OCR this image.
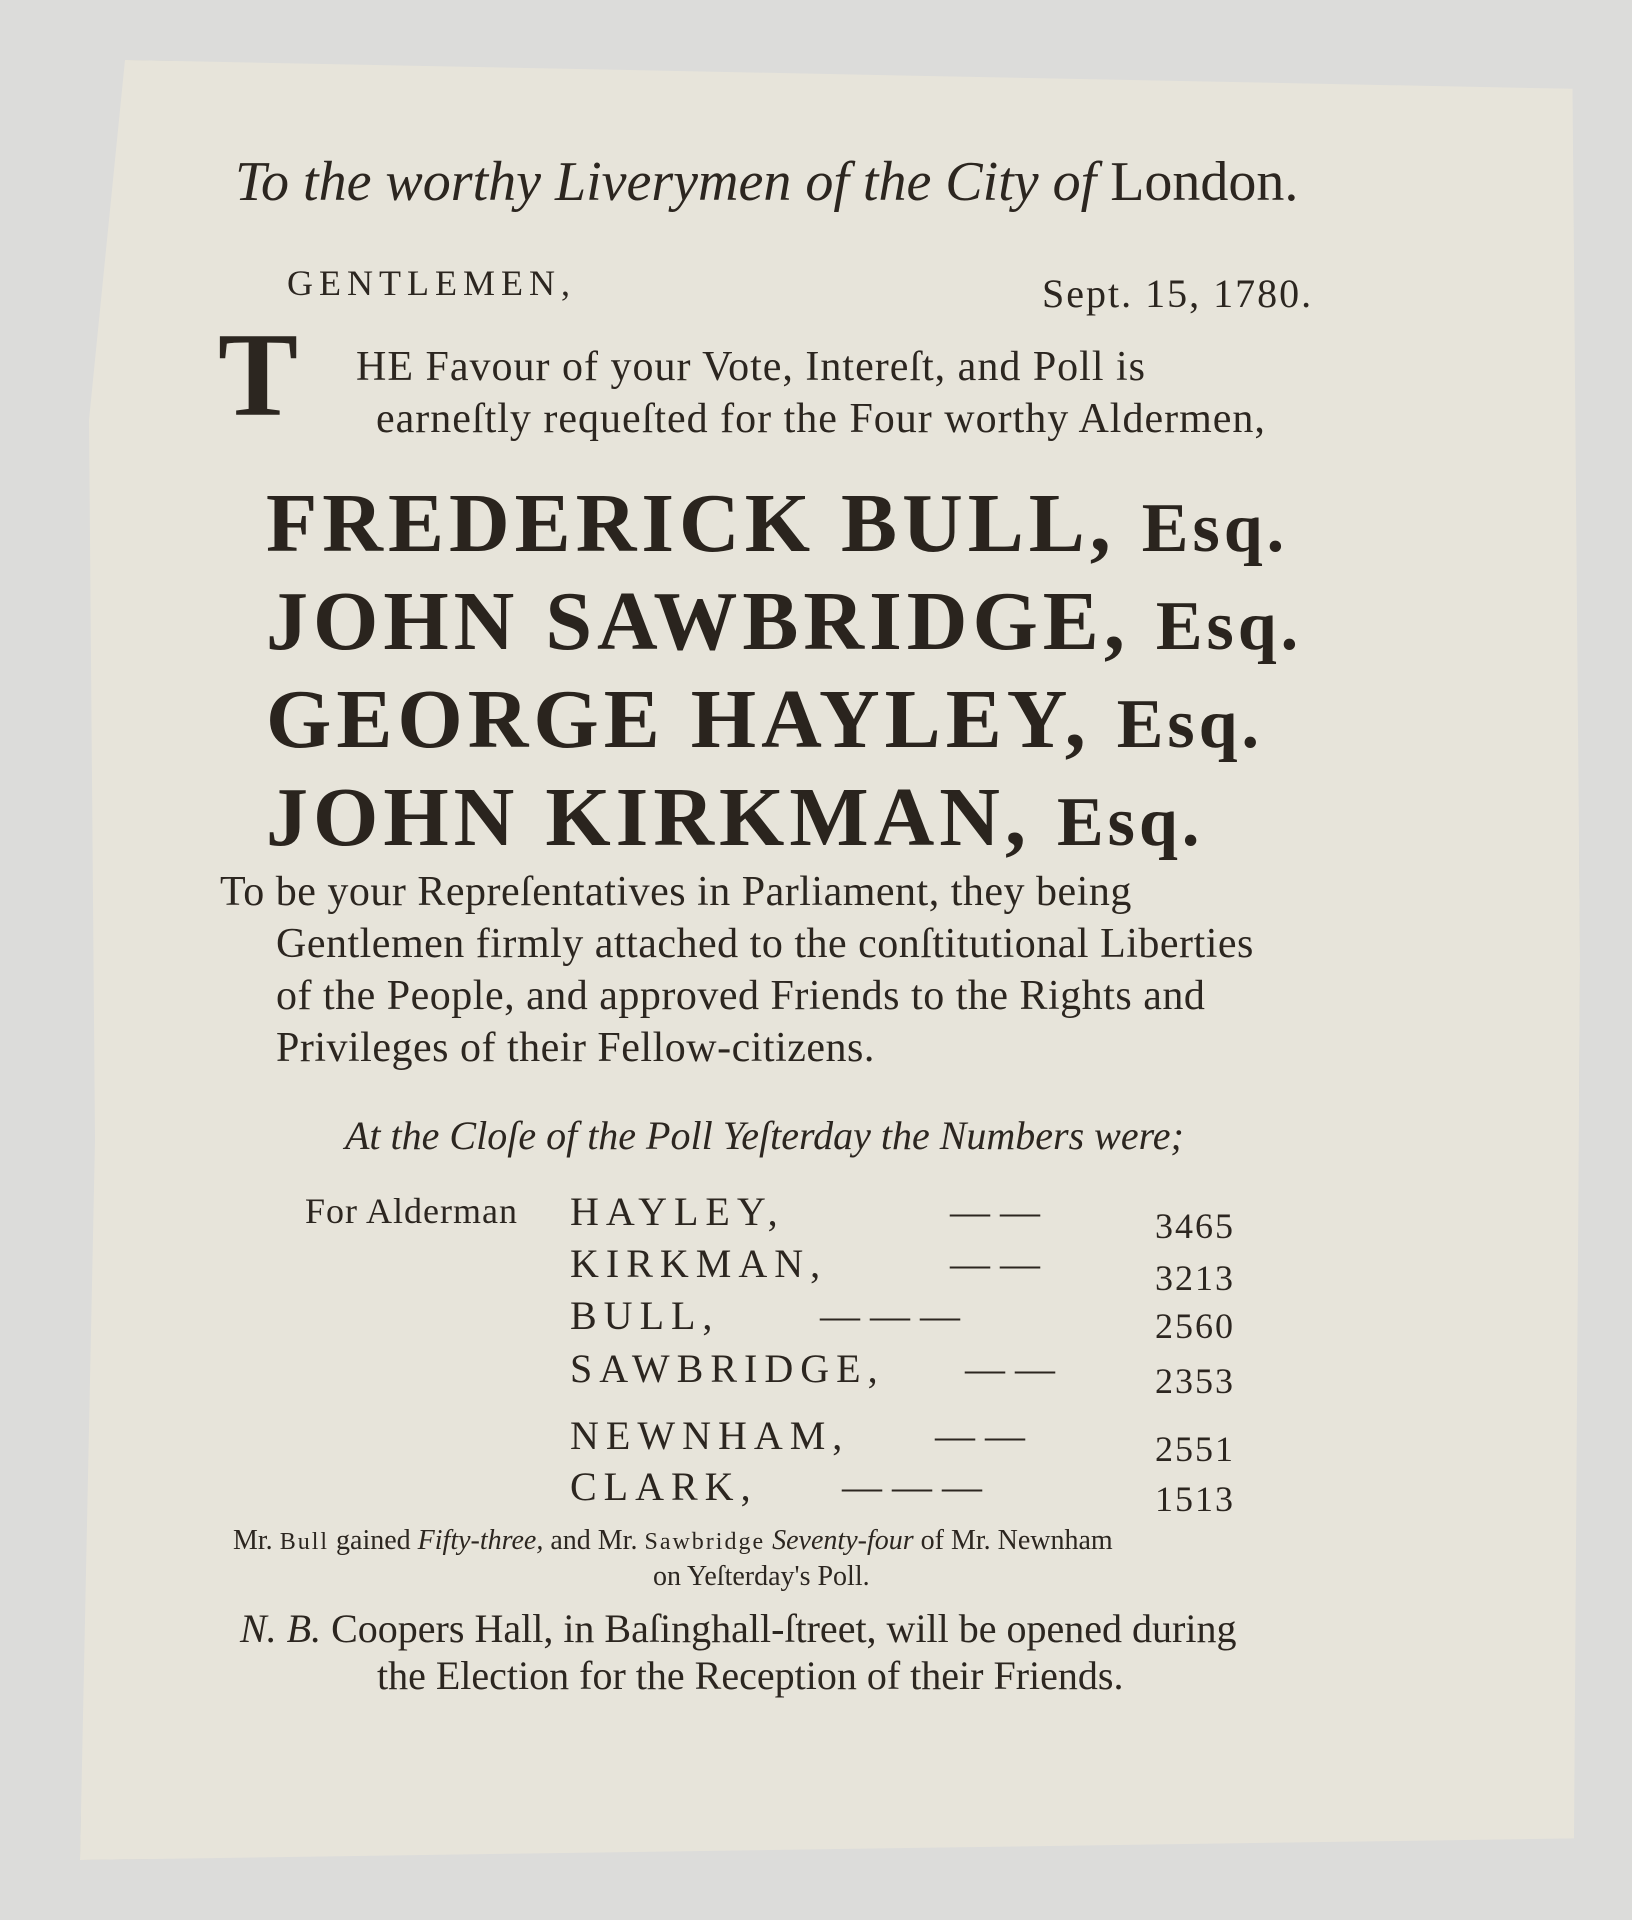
To the worthy Liverymen of the City of London.
GENTLEMEN,	Sept. 15, 1780.
T HE Favour of your Vote, Intereſt, and Poll is
earneſtly requeſted for the Four worthy Aldermen,
FREDERICK BULL, Esq.
JOHN SAWBRIDGE, Esq.
GEORGE HAYLEY, Esq.
JOHN KIRKMAN, Esq.
To be your Repreſentatives in Parliament, they being
Gentlemen firmly attached to the conſtitutional Liberties
of the People, and approved Friends to the Rights and
Privileges of their Fellow-citizens.
At the Cloſe of the Poll Yeſterday the Numbers were;
For Alderman HAYLEY,	— —	3465
KIRKMAN,	— —	3213
BULL,	— — —	2560
SAWBRIDGE, — —	2353
NEWNHAM, — —	2551
CLARK, — — —	1513
Mr. Bull gained Fifty-three, and Mr. Sawbridge Seventy-four of Mr. Newnham
on Yeſterday's Poll.
N. B. Coopers Hall, in Baſinghall-ſtreet, will be opened during
the Election for the Reception of their Friends.
